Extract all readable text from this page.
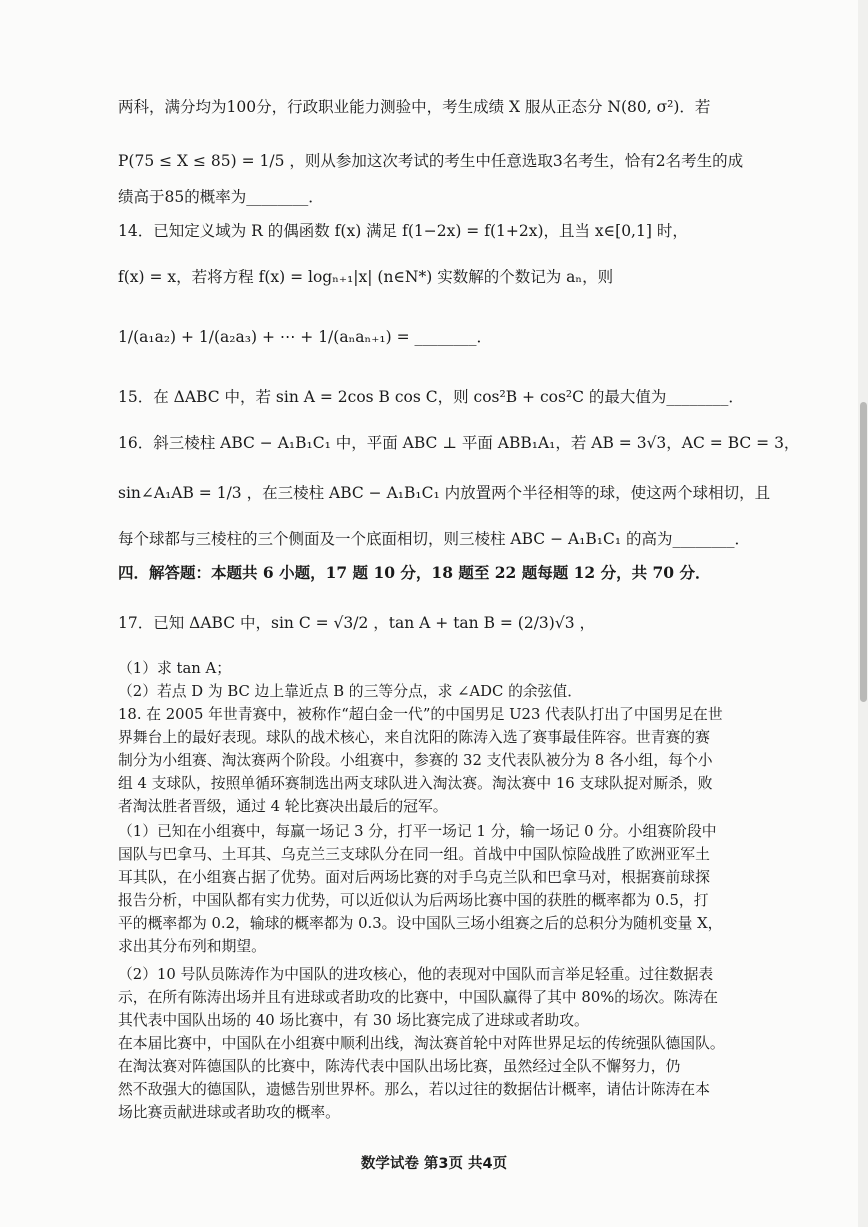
两科，满分均为100分，行政职业能力测验中，考生成绩 X 服从正态分 N(80, σ²)．若
P(75 ≤ X ≤ 85) = 1/5 ，则从参加这次考试的考生中任意选取3名考生，恰有2名考生的成
绩高于85的概率为________．
14．已知定义域为 R 的偶函数 f(x) 满足 f(1−2x) = f(1+2x)，且当 x∈[0,1] 时，
f(x) = x，若将方程 f(x) = logₙ₊₁|x| (n∈N*) 实数解的个数记为 aₙ，则
1/(a₁a₂) + 1/(a₂a₃) + ⋯ + 1/(aₙaₙ₊₁) = ________．
15．在 ΔABC 中，若 sin A = 2cos B cos C，则 cos²B + cos²C 的最大值为________．
16．斜三棱柱 ABC − A₁B₁C₁ 中，平面 ABC ⊥ 平面 ABB₁A₁，若 AB = 3√3，AC = BC = 3，
sin∠A₁AB = 1/3 ，在三棱柱 ABC − A₁B₁C₁ 内放置两个半径相等的球，使这两个球相切，且
每个球都与三棱柱的三个侧面及一个底面相切，则三棱柱 ABC − A₁B₁C₁ 的高为________．
四．解答题：本题共 6 小题，17 题 10 分，18 题至 22 题每题 12 分，共 70 分．
17．已知 ΔABC 中，sin C = √3/2 ，tan A + tan B = (2/3)√3 ，
（1）求 tan A；
（2）若点 D 为 BC 边上靠近点 B 的三等分点，求 ∠ADC 的余弦值．
18. 在 2005 年世青赛中，被称作“超白金一代”的中国男足 U23 代表队打出了中国男足在世
界舞台上的最好表现。球队的战术核心，来自沈阳的陈涛入选了赛事最佳阵容。世青赛的赛
制分为小组赛、淘汰赛两个阶段。小组赛中，参赛的 32 支代表队被分为 8 各小组，每个小
组 4 支球队，按照单循环赛制选出两支球队进入淘汰赛。淘汰赛中 16 支球队捉对厮杀，败
者淘汰胜者晋级，通过 4 轮比赛决出最后的冠军。
（1）已知在小组赛中，每赢一场记 3 分，打平一场记 1 分，输一场记 0 分。小组赛阶段中
国队与巴拿马、土耳其、乌克兰三支球队分在同一组。首战中中国队惊险战胜了欧洲亚军土
耳其队，在小组赛占据了优势。面对后两场比赛的对手乌克兰队和巴拿马对，根据赛前球探
报告分析，中国队都有实力优势，可以近似认为后两场比赛中国的获胜的概率都为 0.5，打
平的概率都为 0.2，输球的概率都为 0.3。设中国队三场小组赛之后的总积分为随机变量 X，
求出其分布列和期望。
（2）10 号队员陈涛作为中国队的进攻核心，他的表现对中国队而言举足轻重。过往数据表
示，在所有陈涛出场并且有进球或者助攻的比赛中，中国队赢得了其中 80%的场次。陈涛在
其代表中国队出场的 40 场比赛中，有 30 场比赛完成了进球或者助攻。
在本届比赛中，中国队在小组赛中顺利出线，淘汰赛首轮中对阵世界足坛的传统强队德国队。
在淘汰赛对阵德国队的比赛中，陈涛代表中国队出场比赛，虽然经过全队不懈努力，仍
然不敌强大的德国队，遗憾告别世界杯。那么，若以过往的数据估计概率，请估计陈涛在本
场比赛贡献进球或者助攻的概率。
数学试卷 第3页 共4页
